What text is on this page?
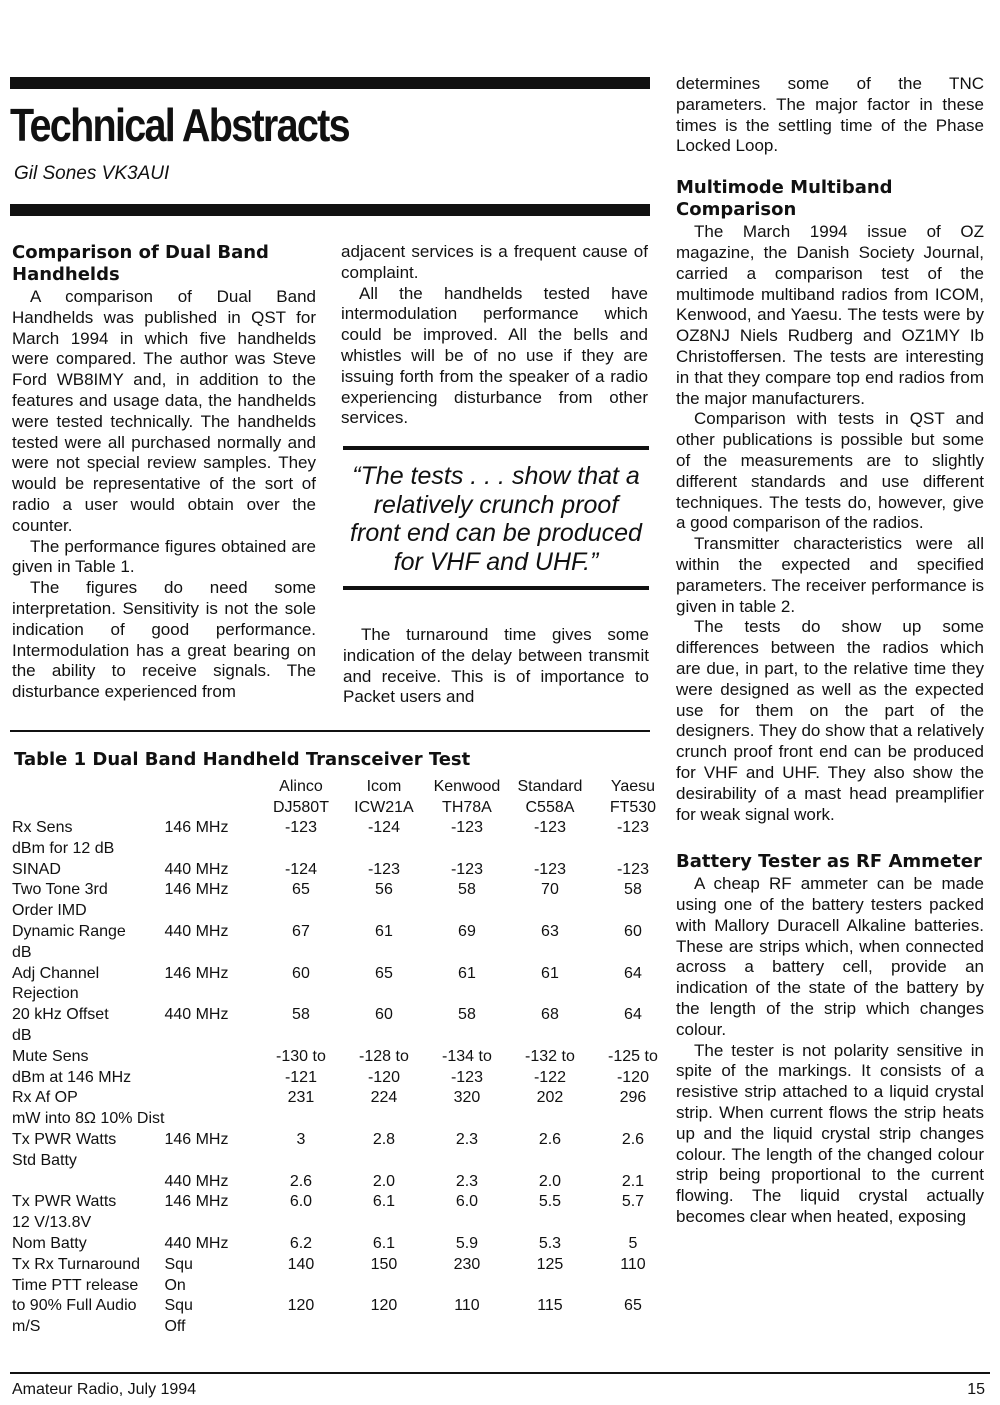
Technical Abstracts
Gil Sones VK3AUI
Comparison of Dual Band Handhelds

A comparison of Dual Band Handhelds was published in QST for March 1994 in which five handhelds were compared. The author was Steve Ford WB8IMY and, in addition to the features and usage data, the handhelds were tested technically. The handhelds tested were all purchased normally and were not special review samples. They would be representative of the sort of radio a user would obtain over the counter.

The performance figures obtained are given in Table 1.

The figures do need some interpretation. Sensitivity is not the sole indication of good performance. Intermodulation has a great bearing on the ability to receive signals. The disturbance experienced from

adjacent services is a frequent cause of complaint.

All the handhelds tested have intermodulation performance which could be improved. All the bells and whistles will be of no use if they are issuing forth from the speaker of a radio experiencing disturbance from other services.

“The tests . . . show that a relatively crunch proof front end can be produced for VHF and UHF.”

The turnaround time gives some indication of the delay between transmit and receive. This is of importance to Packet users and

Table 1 Dual Band Handheld Transceiver Test
		Alinco	Icom	Kenwood	Standard	Yaesu
		DJ580T	ICW21A	TH78A	C558A	FT530
Rx Sens	146 MHz	-123	-124	-123	-123	-123
dBm for 12 dB						
SINAD	440 MHz	-124	-123	-123	-123	-123
Two Tone 3rd	146 MHz	65	56	58	70	58
Order IMD						
Dynamic Range	440 MHz	67	61	69	63	60
dB						
Adj Channel	146 MHz	60	65	61	61	64
Rejection						
20 kHz Offset	440 MHz	58	60	58	68	64
dB						
Mute Sens		-130 to	-128 to	-134 to	-132 to	-125 to
dBm at 146 MHz		-121	-120	-123	-122	-120
Rx Af OP		231	224	320	202	296
mW into 8Ω 10% Dist						
Tx PWR Watts	146 MHz	3	2.8	2.3	2.6	2.6
Std Batty						
	440 MHz	2.6	2.0	2.3	2.0	2.1
Tx PWR Watts	146 MHz	6.0	6.1	6.0	5.5	5.7
12 V/13.8V						
Nom Batty	440 MHz	6.2	6.1	5.9	5.3	5
Tx Rx Turnaround	Squ	140	150	230	125	110
Time PTT release	On					
to 90% Full Audio	Squ	120	120	110	115	65
m/S	Off					

determines some of the TNC parameters. The major factor in these times is the settling time of the Phase Locked Loop.

Multimode Multiband Comparison

The March 1994 issue of OZ magazine, the Danish Society Journal, carried a comparison test of the multimode multiband radios from ICOM, Kenwood, and Yaesu. The tests were by OZ8NJ Niels Rudberg and OZ1MY Ib Christoffersen. The tests are interesting in that they compare top end radios from the major manufacturers.

Comparison with tests in QST and other publications is possible but some of the measurements are to slightly different standards and use different techniques. The tests do, however, give a good comparison of the radios.

Transmitter characteristics were all within the expected and specified parameters. The receiver performance is given in table 2.

The tests do show up some differences between the radios which are due, in part, to the relative time they were designed as well as the expected use for them on the part of the designers. They do show that a relatively crunch proof front end can be produced for VHF and UHF. They also show the desirability of a mast head preamplifier for weak signal work.

Battery Tester as RF Ammeter

A cheap RF ammeter can be made using one of the battery testers packed with Mallory Duracell Alkaline batteries. These are strips which, when connected across a battery cell, provide an indication of the state of the battery by the length of the strip which changes colour.

The tester is not polarity sensitive in spite of the markings. It consists of a resistive strip attached to a liquid crystal strip. When current flows the strip heats up and the liquid crystal strip changes colour. The length of the changed colour strip being proportional to the current flowing. The liquid crystal actually becomes clear when heated, exposing

Amateur Radio, July 1994	15
